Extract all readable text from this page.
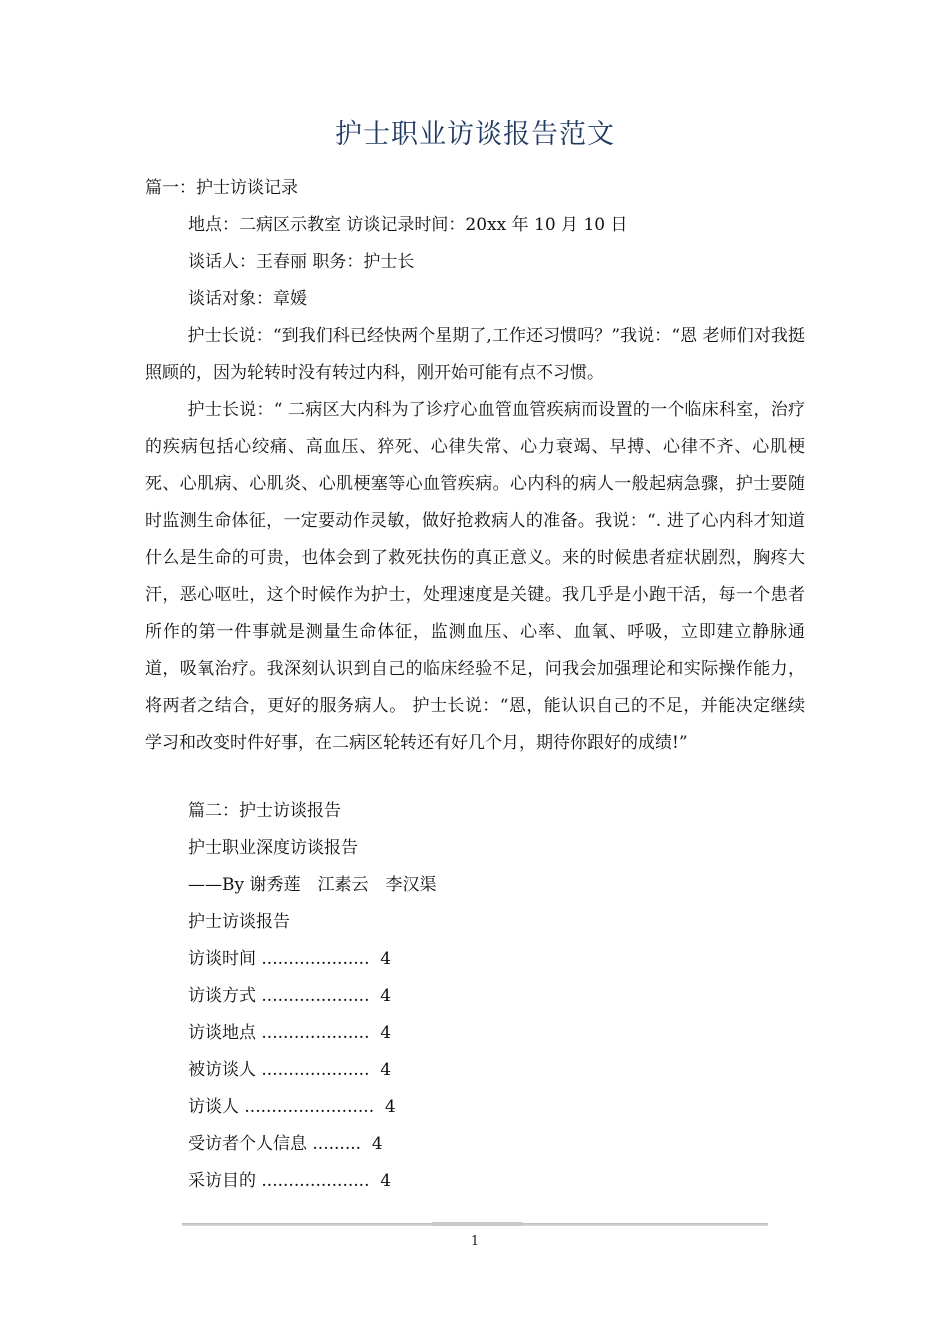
护士职业访谈报告范文
篇一：护士访谈记录
地点：二病区示教室 访谈记录时间：20xx 年 10 月 10 日
谈话人：王春丽 职务：护士长
谈话对象：章媛
护士长说：“到我们科已经快两个星期了,工作还习惯吗？”我说：“恩 老师们对我挺照顾的，因为轮转时没有转过内科，刚开始可能有点不习惯。
护士长说：“ 二病区大内科为了诊疗心血管血管疾病而设置的一个临床科室，治疗的疾病包括心绞痛、高血压、猝死、心律失常、心力衰竭、早搏、心律不齐、心肌梗死、心肌病、心肌炎、心肌梗塞等心血管疾病。心内科的病人一般起病急骤，护士要随时监测生命体征，一定要动作灵敏，做好抢救病人的准备。我说：“. 进了心内科才知道什么是生命的可贵，也体会到了救死扶伤的真正意义。来的时候患者症状剧烈，胸疼大汗，恶心呕吐，这个时候作为护士，处理速度是关键。我几乎是小跑干活，每一个患者所作的第一件事就是测量生命体征，监测血压、心率、血氧、呼吸，立即建立静脉通道，吸氧治疗。我深刻认识到自己的临床经验不足，问我会加强理论和实际操作能力，将两者之结合，更好的服务病人。 护士长说：“恩，能认识自己的不足，并能决定继续学习和改变时件好事，在二病区轮转还有好几个月，期待你跟好的成绩!”
篇二：护士访谈报告
护士职业深度访谈报告
——By 谢秀莲　江素云　李汉渠
护士访谈报告
访谈时间 .................... 4
访谈方式 .................... 4
访谈地点 .................... 4
被访谈人 .................... 4
访谈人 ........................ 4
受访者个人信息 ......... 4
采访目的 .................... 4
1
